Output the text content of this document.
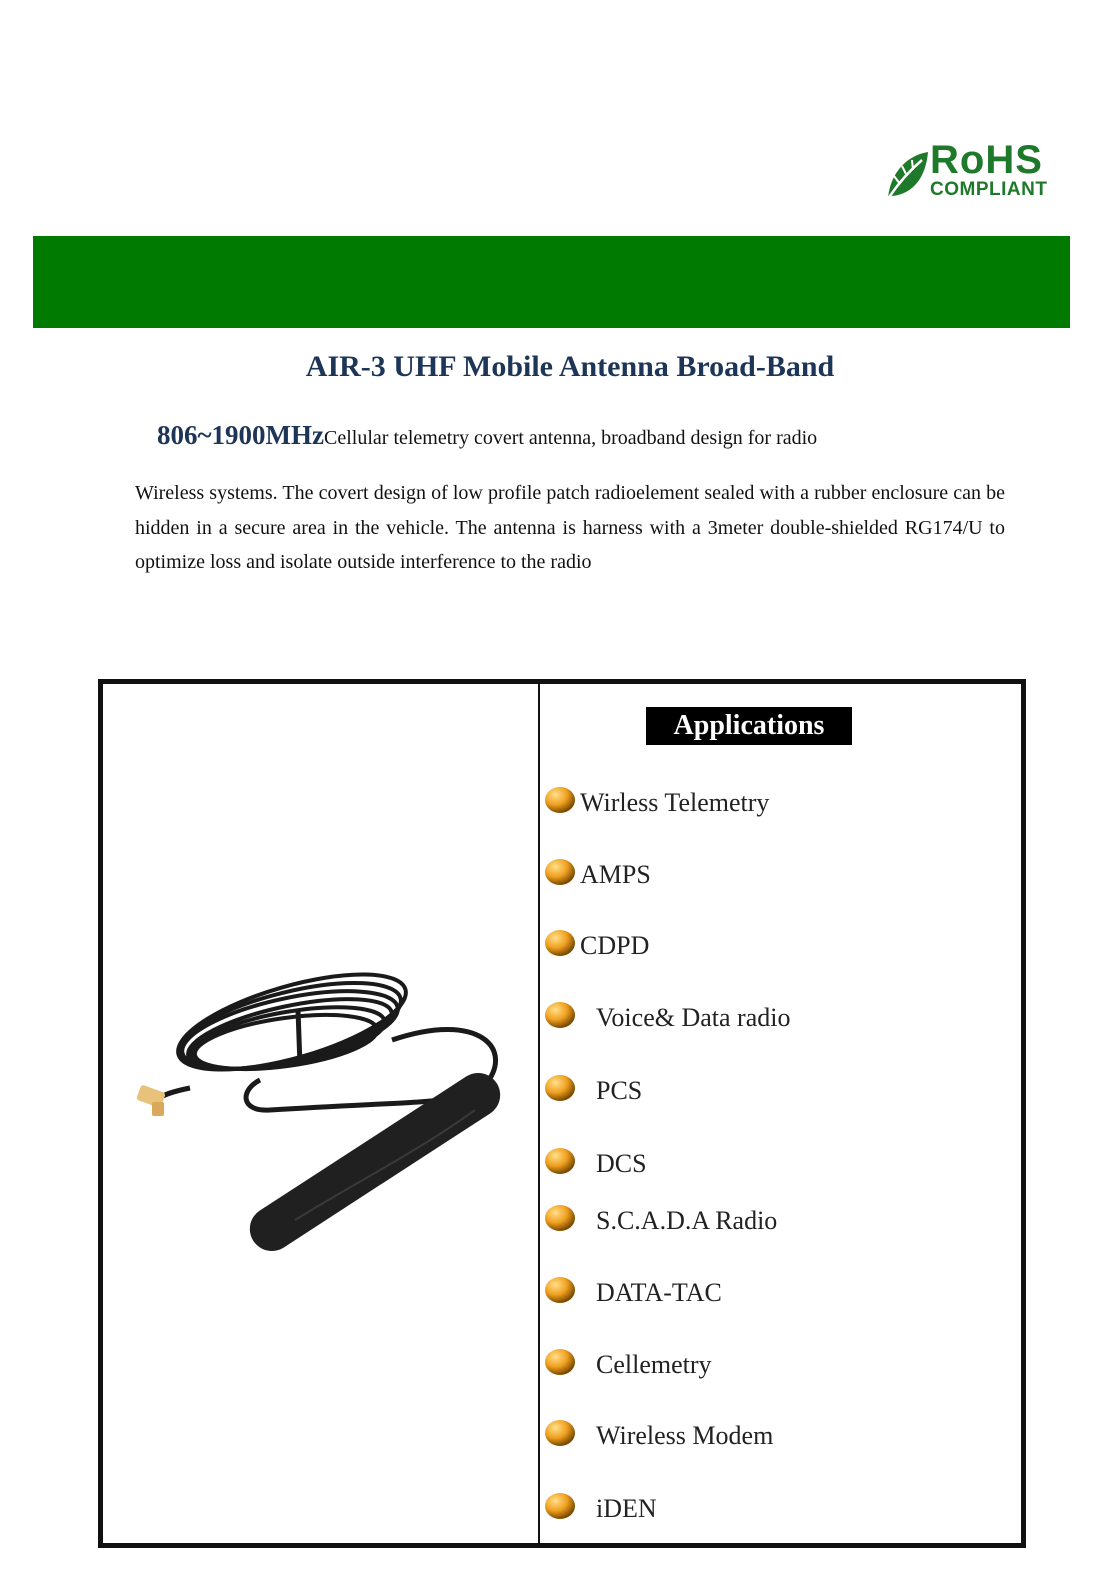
RoHS
COMPLIANT
AIR-3 UHF Mobile Antenna Broad-Band
806~1900MHzCellular telemetry covert antenna, broadband design for radio
Wireless systems. The covert design of low profile patch radioelement sealed with a rubber enclosure can be hidden in a secure area in the vehicle. The antenna is harness with a 3meter double-shielded RG174/U to optimize loss and isolate outside interference to the radio
Applications
Wirless Telemetry
AMPS
CDPD
Voice& Data radio
PCS
DCS
S.C.A.D.A Radio
DATA-TAC
Cellemetry
Wireless Modem
iDEN
